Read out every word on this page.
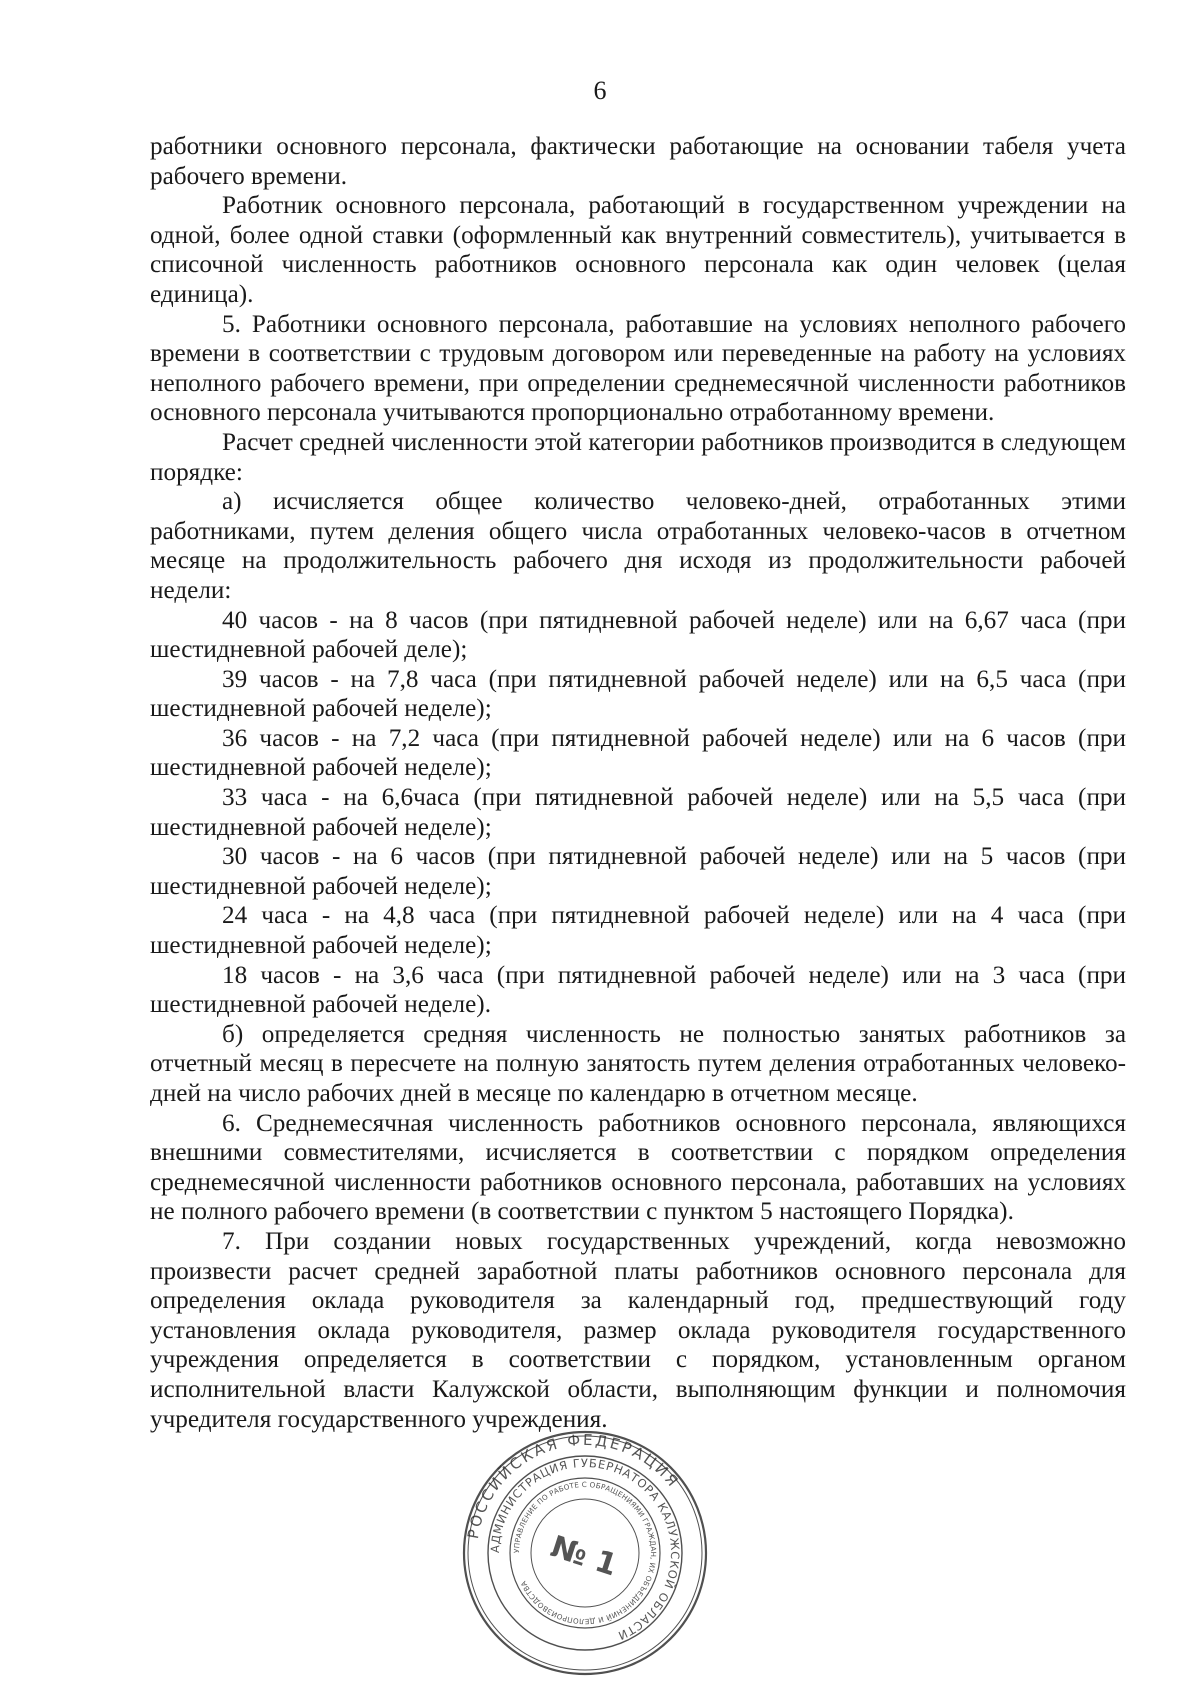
6

работники основного персонала, фактически работающие на основании табеля учета рабочего времени.

Работник основного персонала, работающий в государственном учреждении на одной, более одной ставки (оформленный как внутренний совместитель), учитывается в списочной численность работников основного персонала как один человек (целая единица).

5. Работники основного персонала, работавшие на условиях неполного рабочего времени в соответствии с трудовым договором или переведенные на работу на условиях неполного рабочего времени, при определении среднемесячной численности работников основного персонала учитываются пропорционально отработанному времени.

Расчет средней численности этой категории работников производится в следующем порядке:

а) исчисляется общее количество человеко-дней, отработанных этими работниками, путем деления общего числа отработанных человеко-часов в отчетном месяце на продолжительность рабочего дня исходя из продолжительности рабочей недели:

40 часов - на 8 часов (при пятидневной рабочей неделе) или на 6,67 часа (при шестидневной рабочей деле);

39 часов - на 7,8 часа (при пятидневной рабочей неделе) или на 6,5 часа (при шестидневной рабочей неделе);

36 часов - на 7,2 часа (при пятидневной рабочей неделе) или на 6 часов (при шестидневной рабочей неделе);

33 часа - на 6,6часа (при пятидневной рабочей неделе) или на 5,5 часа (при шестидневной рабочей неделе);

30 часов - на 6 часов (при пятидневной рабочей неделе) или на 5 часов (при шестидневной рабочей неделе);

24 часа - на 4,8 часа (при пятидневной рабочей неделе) или на 4 часа (при шестидневной рабочей неделе);

18 часов - на 3,6 часа (при пятидневной рабочей неделе) или на 3 часа (при шестидневной рабочей неделе).

б) определяется средняя численность не полностью занятых работников за отчетный месяц в пересчете на полную занятость путем деления отработанных человеко-дней на число рабочих дней в месяце по календарю в отчетном месяце.

6. Среднемесячная численность работников основного персонала, являющихся внешними совместителями, исчисляется в соответствии с порядком определения среднемесячной численности работников основного персонала, работавших на условиях не полного рабочего времени (в соответствии с пунктом 5 настоящего Порядка).

7. При создании новых государственных учреждений, когда невозможно произвести расчет средней заработной платы работников основного персонала для определения оклада руководителя за календарный год, предшествующий году установления оклада руководителя, размер оклада руководителя государственного учреждения определяется в соответствии с порядком, установленным органом исполнительной власти Калужской области, выполняющим функции и полномочия учредителя государственного учреждения.

РОССИЙСКАЯ ФЕДЕРАЦИЯ
АДМИНИСТРАЦИЯ ГУБЕРНАТОРА КАЛУЖСКОЙ ОБЛАСТИ
УПРАВЛЕНИЕ ПО РАБОТЕ С ОБРАЩЕНИЯМИ ГРАЖДАН, ИХ ОБЪЕДИНЕНИЙ И ДЕЛОПРОИЗВОДСТВА
№ 1
